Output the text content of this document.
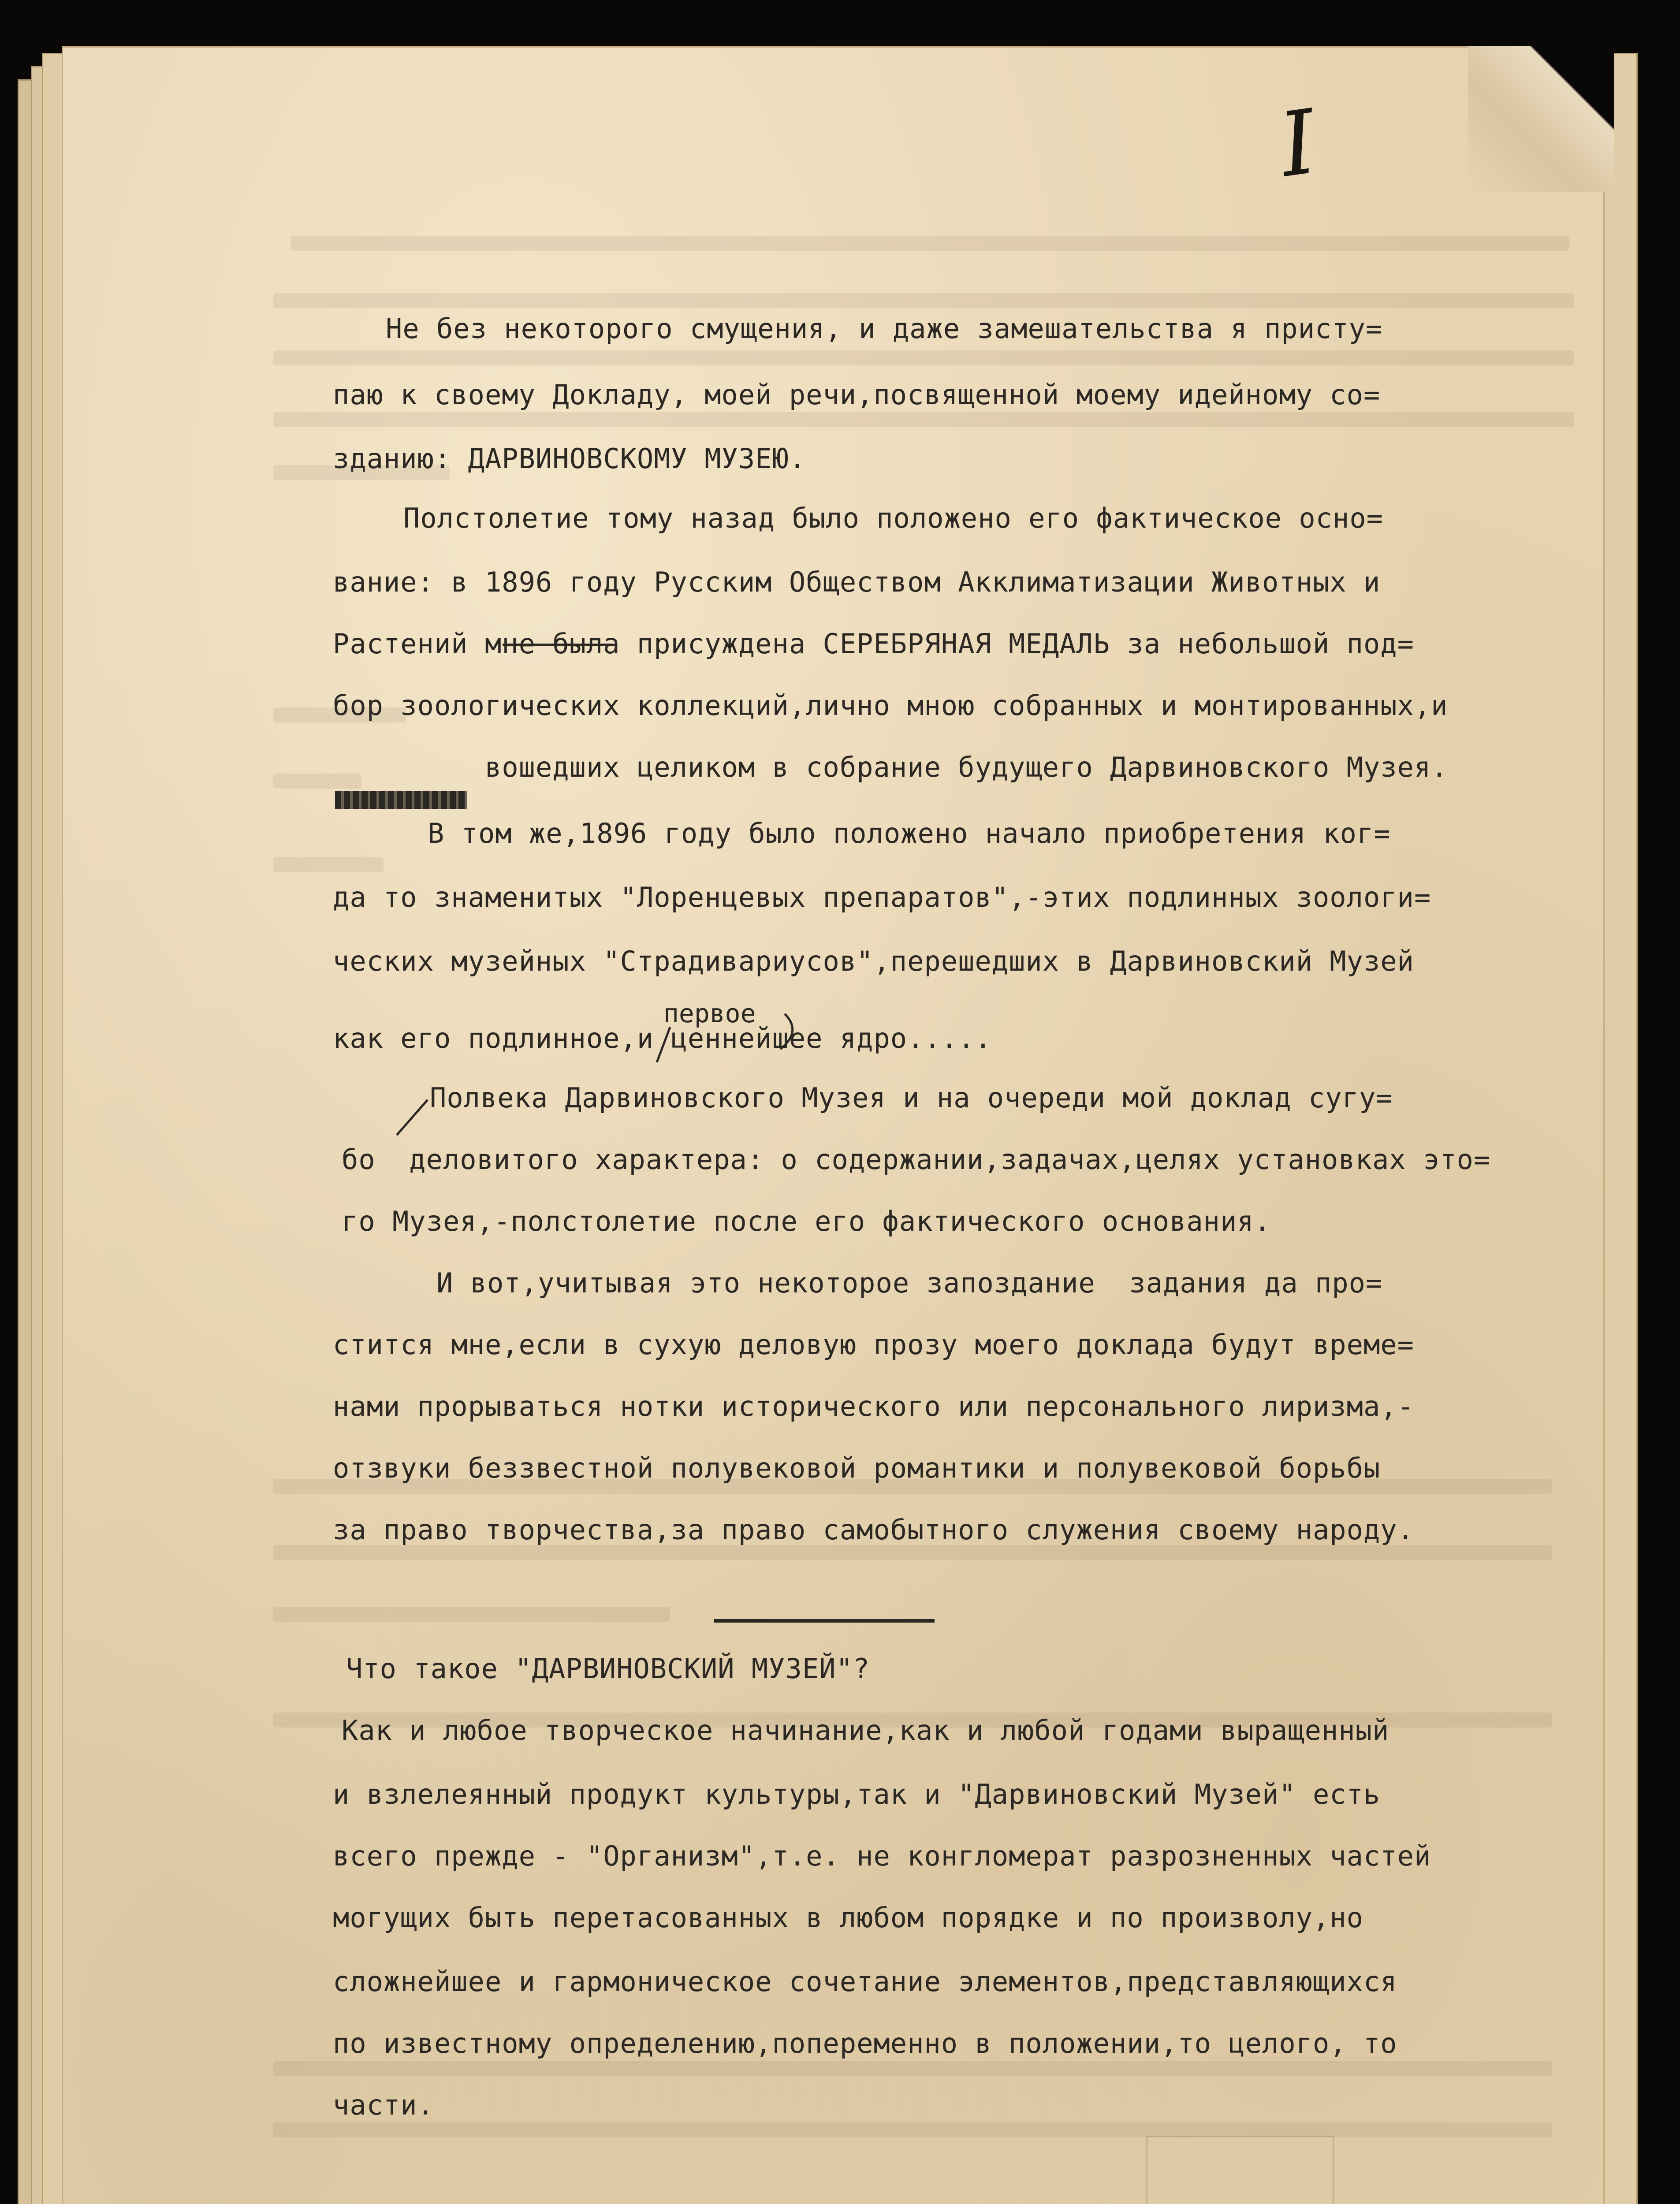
I
Не без некоторого смущения, и даже замешательства я присту=
паю к своему Докладу, моей речи,посвященной моему идейному со=
зданию: ДАРВИНОВСКОМУ МУЗЕЮ.
Полстолетие тому назад было положено его фактическое осно=
вание: в 1896 году Русским Обществом Акклиматизации Животных и
Растений мне была присуждена СЕРЕБРЯНАЯ МЕДАЛЬ за небольшой под=
бор зоологических коллекций,лично мною собранных и монтированных,и
вошедших целиком в собрание будущего Дарвиновского Музея.
В том же,1896 году было положено начало приобретения ког=
да то знаменитых "Лоренцевых препаратов",-этих подлинных зоологи=
ческих музейных "Страдивариусов",перешедших в Дарвиновский Музей
первое
как его подлинное,и ценнейшее ядро.....
Полвека Дарвиновского Музея и на очереди мой доклад сугу=
бо  деловитого характера: о содержании,задачах,целях установках это=
го Музея,-полстолетие после его фактического основания.
И вот,учитывая это некоторое запоздание  задания да про=
стится мне,если в сухую деловую прозу моего доклада будут време=
нами прорываться нотки исторического или персонального лиризма,-
отзвуки беззвестной полувековой романтики и полувековой борьбы
за право творчества,за право самобытного служения своему народу.
Что такое "ДАРВИНОВСКИЙ МУЗЕЙ"?
Как и любое творческое начинание,как и любой годами выращенный
и взлелеянный продукт культуры,так и "Дарвиновский Музей" есть
всего прежде - "Организм",т.е. не конгломерат разрозненных частей
могущих быть перетасованных в любом порядке и по произволу,но
сложнейшее и гармоническое сочетание элементов,представляющихся
по известному определению,попеременно в положении,то целого, то
части.
